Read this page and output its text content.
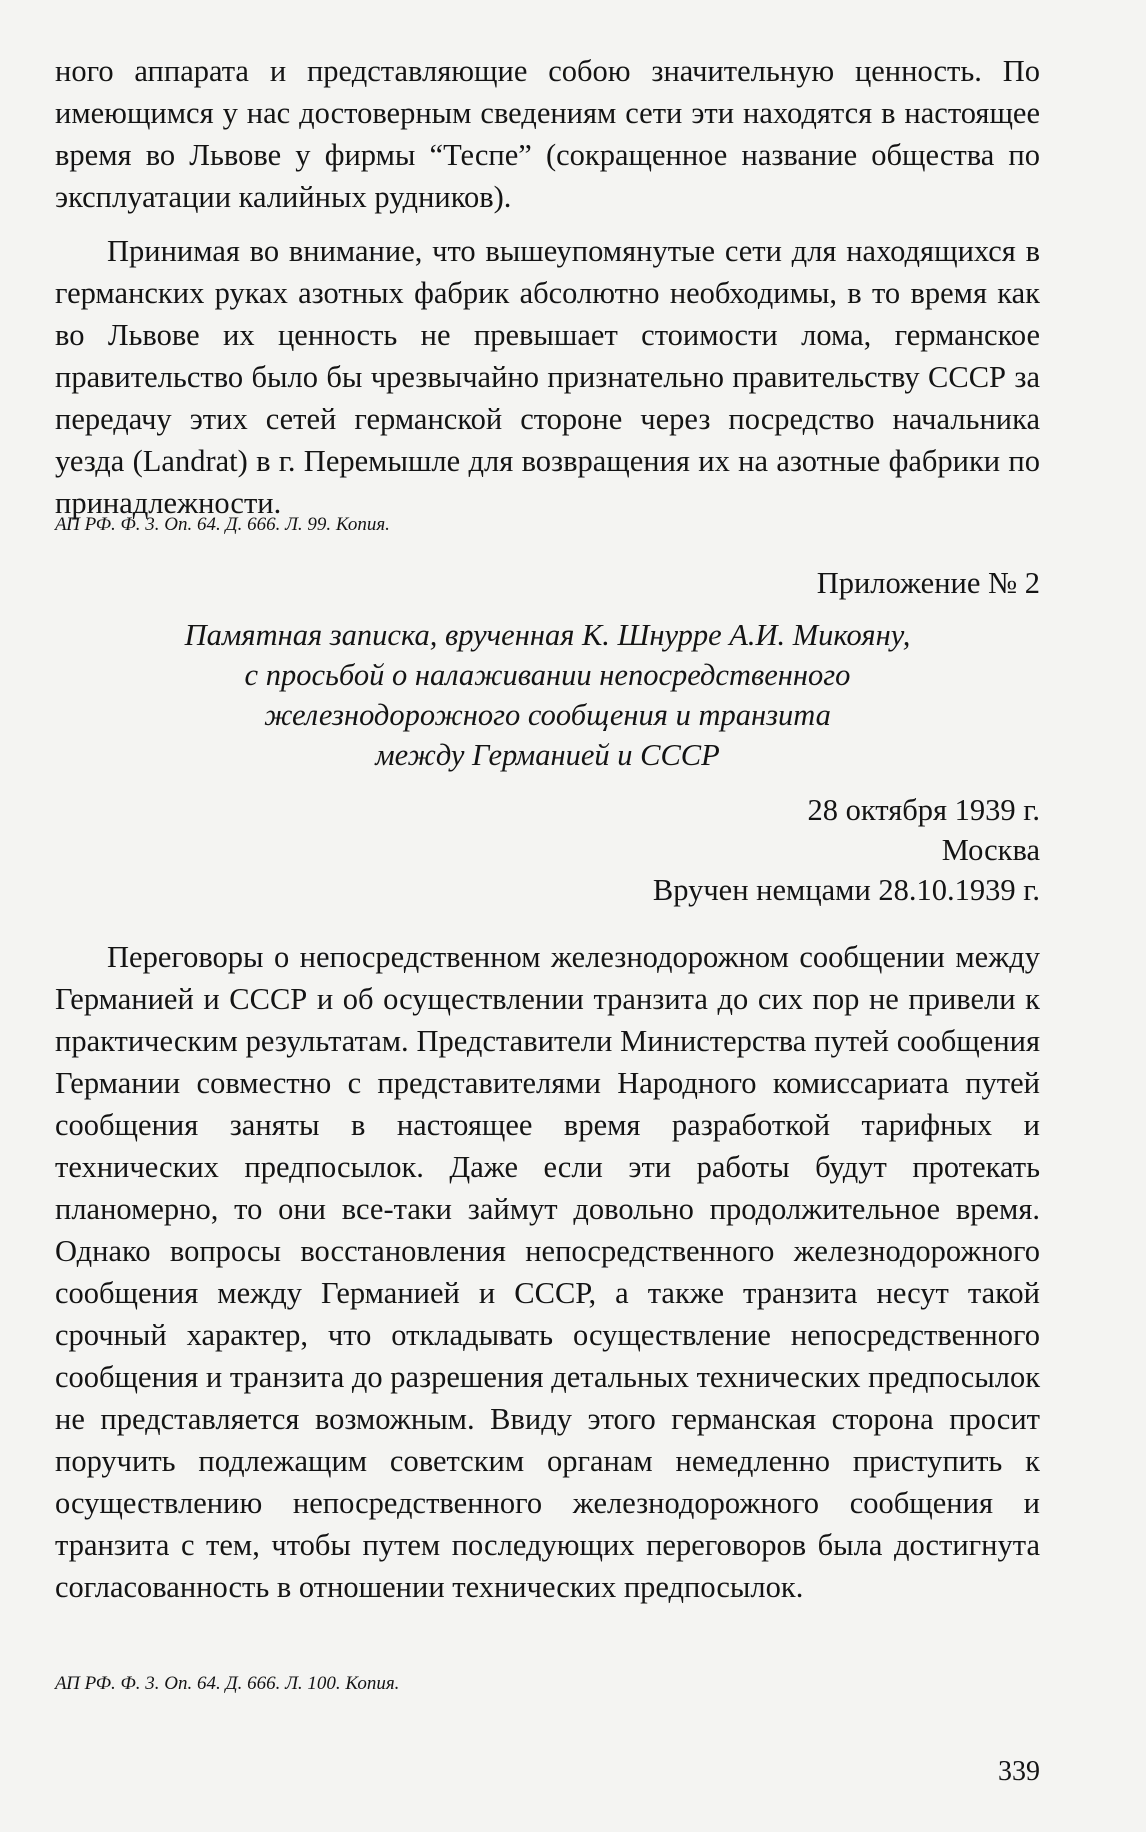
ного аппарата и представляющие собою значительную ценность. По имеющимся у нас достоверным сведениям сети эти находятся в настоящее время во Львове у фирмы “Теспе” (сокращенное название общества по эксплуатации калийных рудников).

Принимая во внимание, что вышеупомянутые сети для находящихся в германских руках азотных фабрик абсолютно необходимы, в то время как во Львове их ценность не превышает стоимости лома, германское правительство было бы чрезвычайно признательно правительству СССР за передачу этих сетей германской стороне через посредство начальника уезда (Landrat) в г. Перемышле для возвращения их на азотные фабрики по принадлежности.

АП РФ. Ф. 3. Оп. 64. Д. 666. Л. 99. Копия.

Приложение № 2

Памятная записка, врученная К. Шнурре А.И. Микояну,

с просьбой о налаживании непосредственного

железнодорожного сообщения и транзита

между Германией и СССР

28 октября 1939 г.

Москва

Вручен немцами 28.10.1939 г.

Переговоры о непосредственном железнодорожном сообщении между Германией и СССР и об осуществлении транзита до сих пор не привели к практическим результатам. Представители Министерства путей сообщения Германии совместно с представителями Народного комиссариата путей сообщения заняты в настоящее время разработкой тарифных и технических предпосылок. Даже если эти работы будут протекать планомерно, то они все-таки займут довольно продолжительное время. Однако вопросы восстановления непосредственного железнодорожного сообщения между Германией и СССР, а также транзита несут такой срочный характер, что откладывать осуществление непосредственного сообщения и транзита до разрешения детальных технических предпосылок не представляется возможным. Ввиду этого германская сторона просит поручить подлежащим советским органам немедленно приступить к осуществлению непосредственного железнодорожного сообщения и транзита с тем, чтобы путем последующих переговоров была достигнута согласованность в отношении технических предпосылок.

АП РФ. Ф. 3. Оп. 64. Д. 666. Л. 100. Копия.

339
